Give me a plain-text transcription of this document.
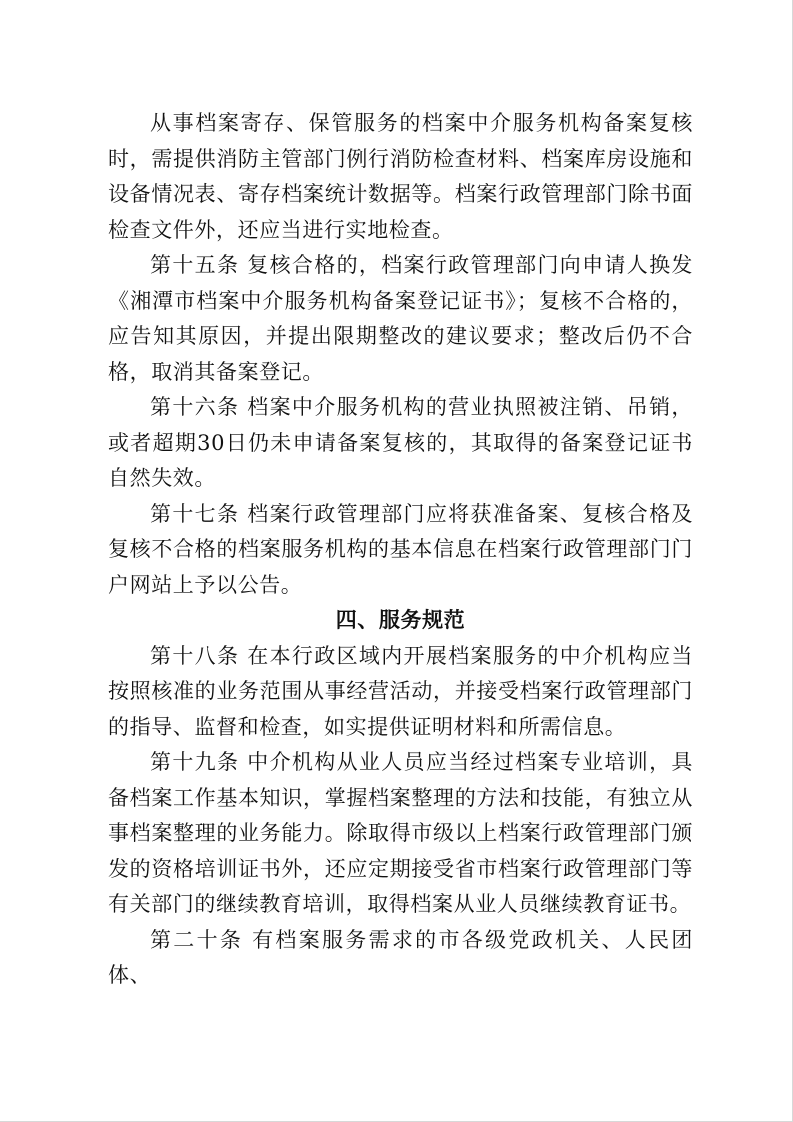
从事档案寄存、保管服务的档案中介服务机构备案复核时，需提供消防主管部门例行消防检查材料、档案库房设施和设备情况表、寄存档案统计数据等。档案行政管理部门除书面检查文件外，还应当进行实地检查。

第十五条 复核合格的，档案行政管理部门向申请人换发《湘潭市档案中介服务机构备案登记证书》；复核不合格的，应告知其原因，并提出限期整改的建议要求；整改后仍不合格，取消其备案登记。

第十六条 档案中介服务机构的营业执照被注销、吊销，或者超期30日仍未申请备案复核的，其取得的备案登记证书自然失效。

第十七条 档案行政管理部门应将获准备案、复核合格及复核不合格的档案服务机构的基本信息在档案行政管理部门门户网站上予以公告。

四、服务规范

第十八条 在本行政区域内开展档案服务的中介机构应当按照核准的业务范围从事经营活动，并接受档案行政管理部门的指导、监督和检查，如实提供证明材料和所需信息。

第十九条 中介机构从业人员应当经过档案专业培训，具备档案工作基本知识，掌握档案整理的方法和技能，有独立从事档案整理的业务能力。除取得市级以上档案行政管理部门颁发的资格培训证书外，还应定期接受省市档案行政管理部门等有关部门的继续教育培训，取得档案从业人员继续教育证书。

第二十条 有档案服务需求的市各级党政机关、人民团体、
